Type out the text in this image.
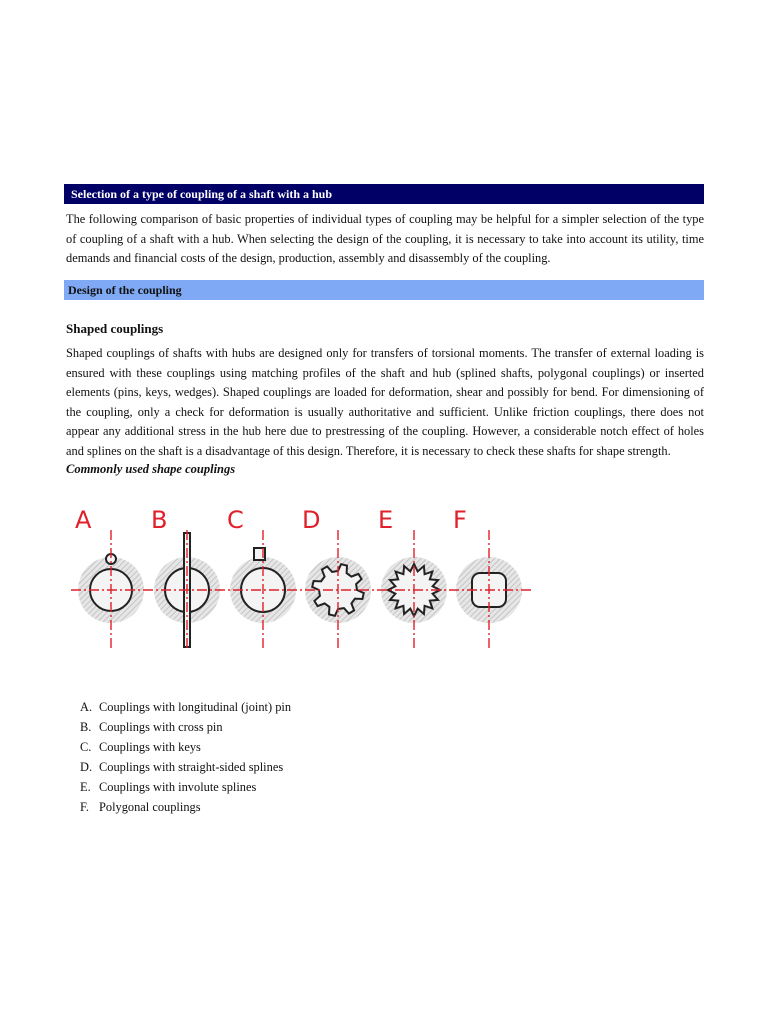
Selection of a type of coupling of a shaft with a hub

The following comparison of basic properties of individual types of coupling may be helpful for a simpler selection of the type of coupling of a shaft with a hub. When selecting the design of the coupling, it is necessary to take into account its utility, time demands and financial costs of the design, production, assembly and disassembly of the coupling.

Design of the coupling

Shaped couplings

Shaped couplings of shafts with hubs are designed only for transfers of torsional moments. The transfer of external loading is ensured with these couplings using matching profiles of the shaft and hub (splined shafts, polygonal couplings) or inserted elements (pins, keys, wedges). Shaped couplings are loaded for deformation, shear and possibly for bend. For dimensioning of the coupling, only a check for deformation is usually authoritative and sufficient. Unlike friction couplings, there does not appear any additional stress in the hub here due to prestressing of the coupling. However, a considerable notch effect of holes and splines on the shaft is a disadvantage of this design. Therefore, it is necessary to check these shafts for shape strength.

Commonly used shape couplings

A B C D E F
A. Couplings with longitudinal (joint) pin
B. Couplings with cross pin
C. Couplings with keys
D. Couplings with straight-sided splines
E. Couplings with involute splines
F. Polygonal couplings
